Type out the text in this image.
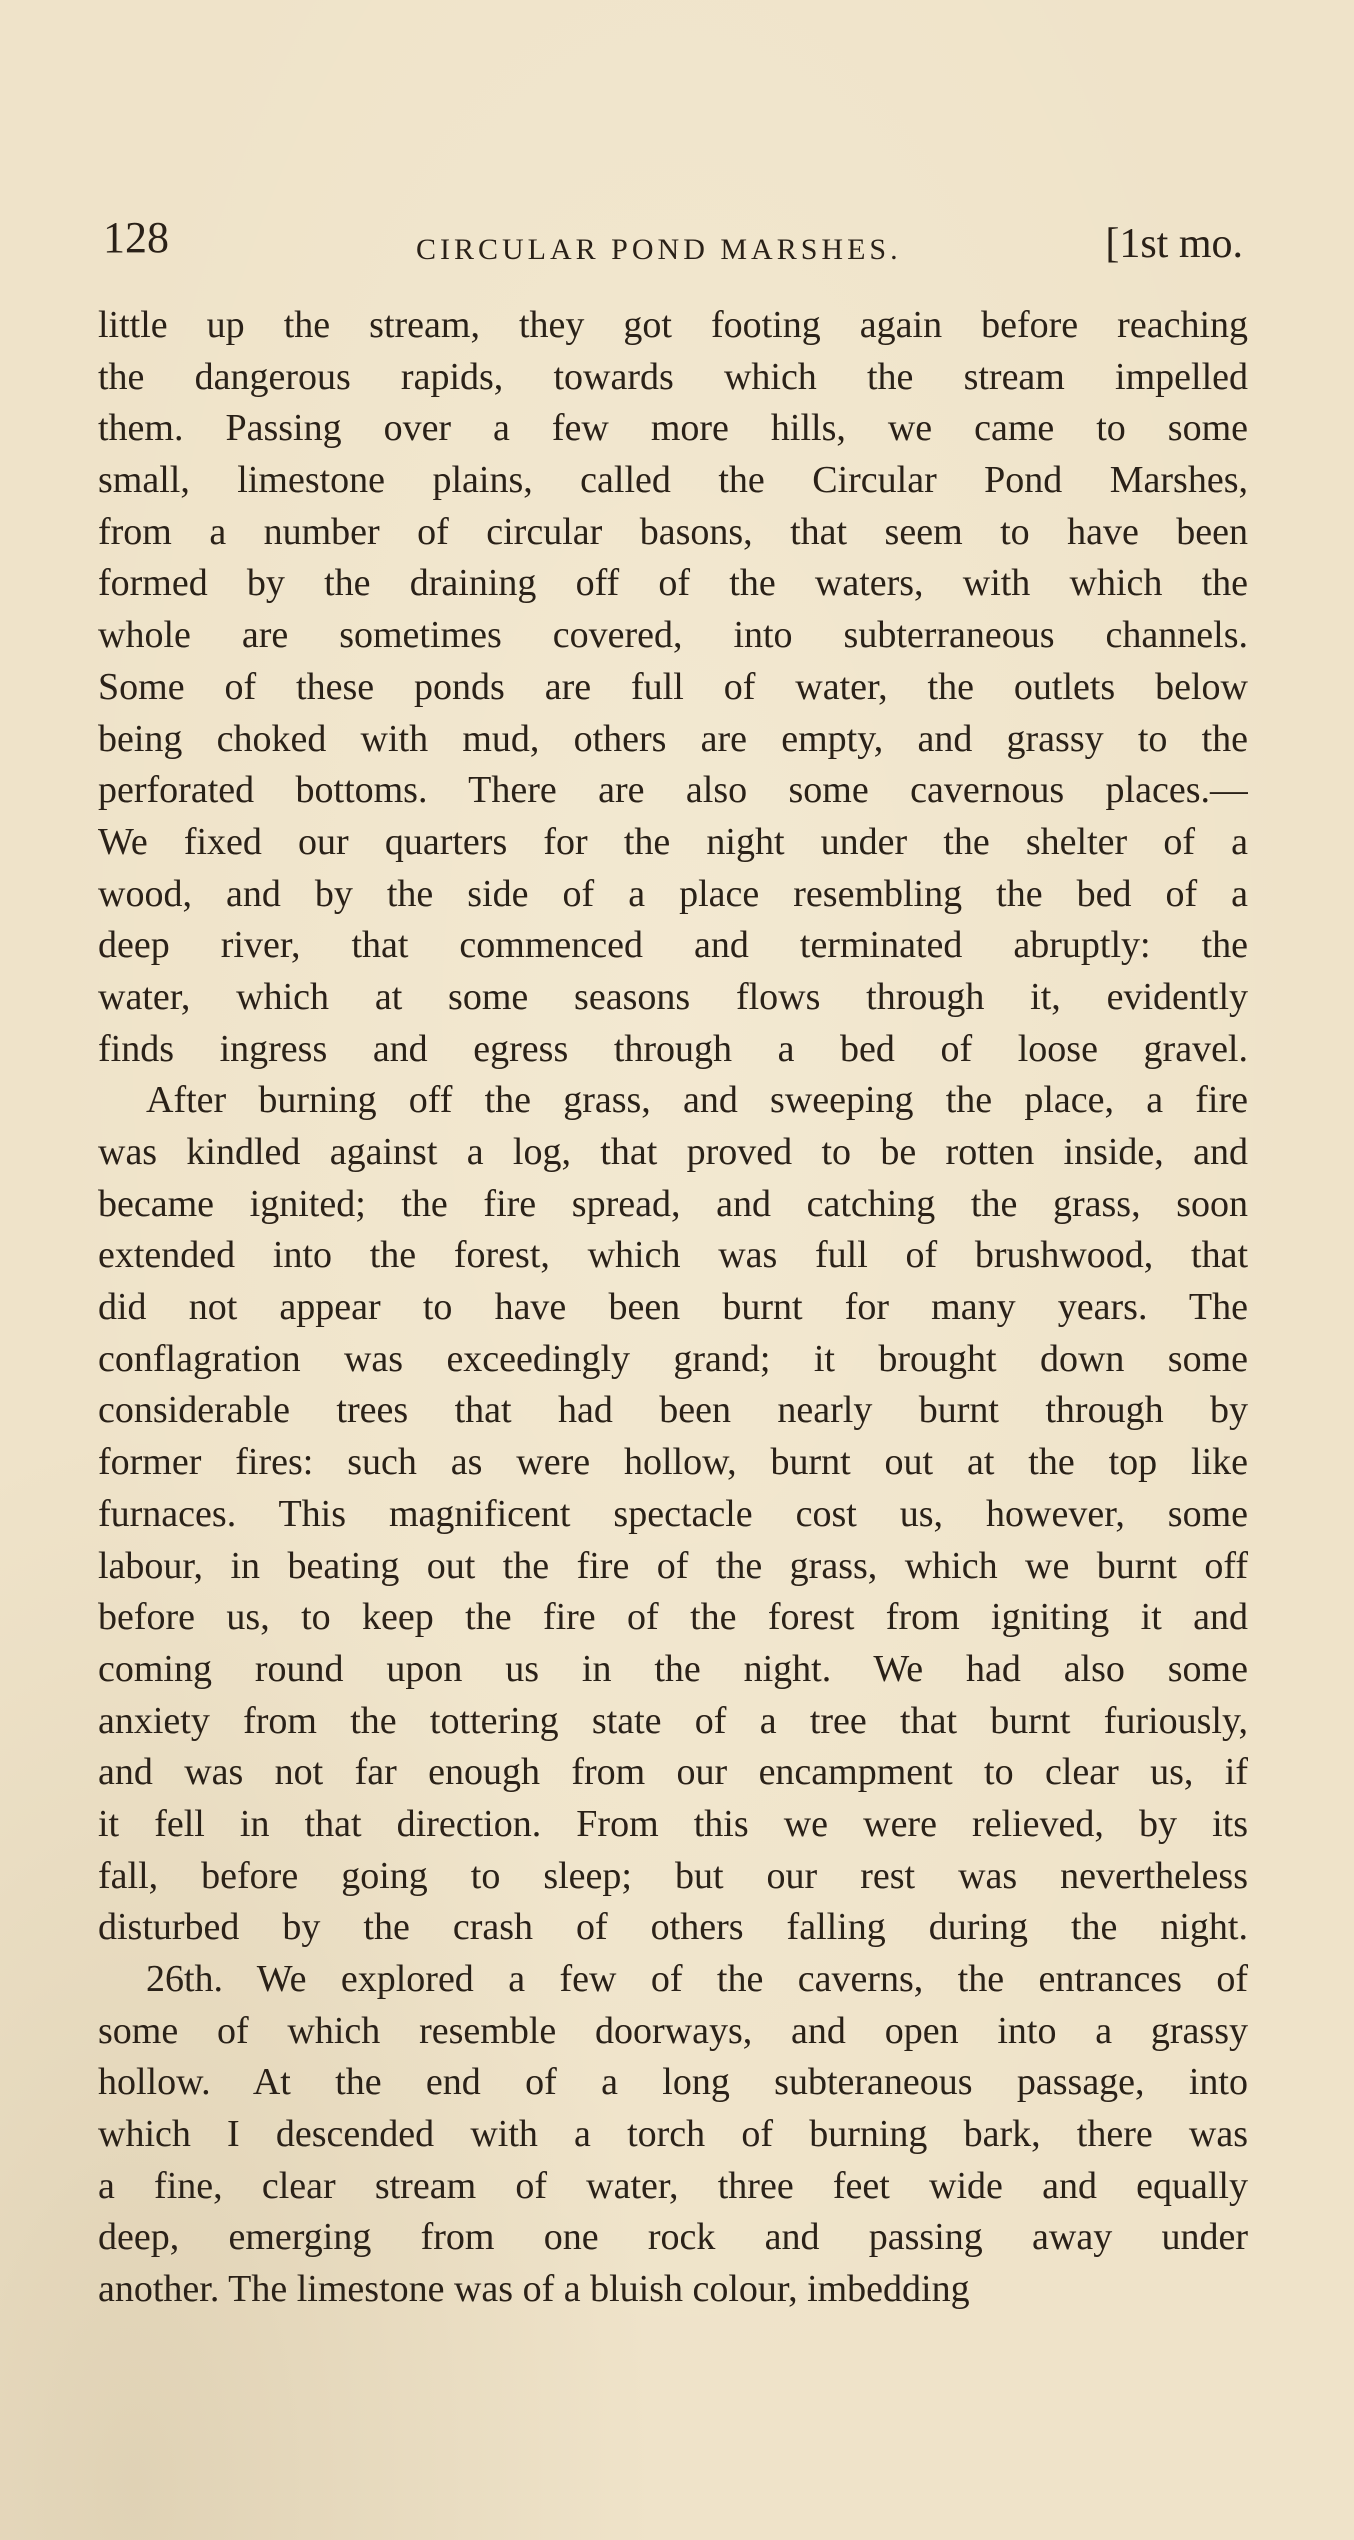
128	CIRCULAR POND MARSHES.	[1st mo.
little up the stream, they got footing again before reaching
the dangerous rapids, towards which the stream impelled
them. Passing over a few more hills, we came to some
small, limestone plains, called the Circular Pond Marshes,
from a number of circular basons, that seem to have been
formed by the draining off of the waters, with which the
whole are sometimes covered, into subterraneous channels.
Some of these ponds are full of water, the outlets below
being choked with mud, others are empty, and grassy to the
perforated bottoms. There are also some cavernous places.—
We fixed our quarters for the night under the shelter of a
wood, and by the side of a place resembling the bed of a
deep river, that commenced and terminated abruptly: the
water, which at some seasons flows through it, evidently
finds ingress and egress through a bed of loose gravel.
After burning off the grass, and sweeping the place, a fire
was kindled against a log, that proved to be rotten inside, and
became ignited; the fire spread, and catching the grass, soon
extended into the forest, which was full of brushwood, that
did not appear to have been burnt for many years. The
conflagration was exceedingly grand; it brought down some
considerable trees that had been nearly burnt through by
former fires: such as were hollow, burnt out at the top like
furnaces. This magnificent spectacle cost us, however, some
labour, in beating out the fire of the grass, which we burnt off
before us, to keep the fire of the forest from igniting it and
coming round upon us in the night. We had also some
anxiety from the tottering state of a tree that burnt furiously,
and was not far enough from our encampment to clear us, if
it fell in that direction. From this we were relieved, by its
fall, before going to sleep; but our rest was nevertheless
disturbed by the crash of others falling during the night.
26th. We explored a few of the caverns, the entrances of
some of which resemble doorways, and open into a grassy
hollow. At the end of a long subteraneous passage, into
which I descended with a torch of burning bark, there was
a fine, clear stream of water, three feet wide and equally
deep, emerging from one rock and passing away under
another. The limestone was of a bluish colour, imbedding
